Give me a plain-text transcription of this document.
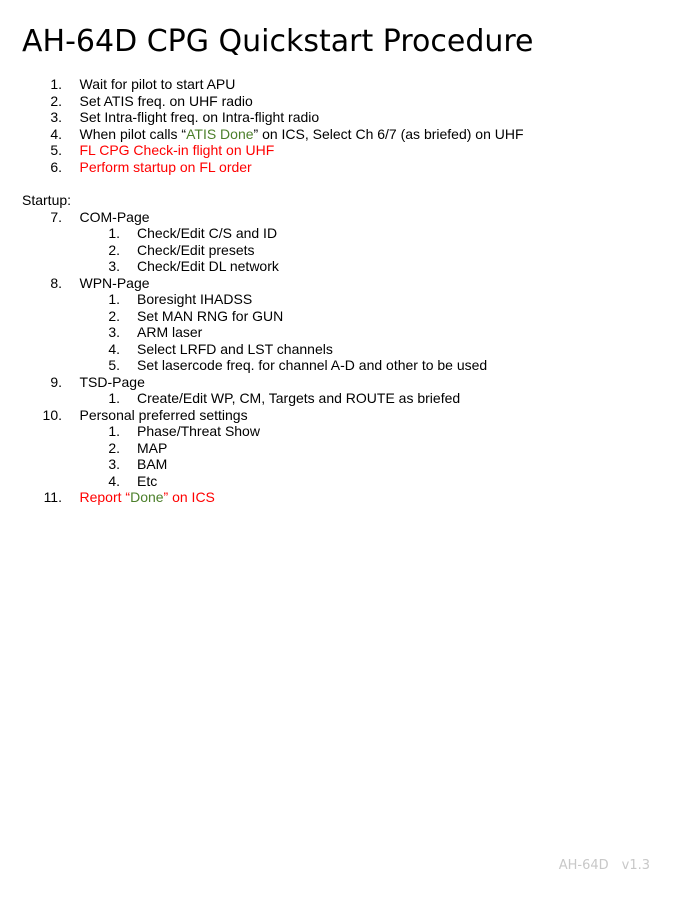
AH-64D CPG Quickstart Procedure
1. Wait for pilot to start APU
2. Set ATIS freq. on UHF radio
3. Set Intra-flight freq. on Intra-flight radio
4. When pilot calls “ATIS Done” on ICS, Select Ch 6/7 (as briefed) on UHF
5. FL CPG Check-in flight on UHF
6. Perform startup on FL order
Startup:
7. COM-Page
1. Check/Edit C/S and ID
2. Check/Edit presets
3. Check/Edit DL network
8. WPN-Page
1. Boresight IHADSS
2. Set MAN RNG for GUN
3. ARM laser
4. Select LRFD and LST channels
5. Set lasercode freq. for channel A-D and other to be used
9. TSD-Page
1. Create/Edit WP, CM, Targets and ROUTE as briefed
10. Personal preferred settings
1. Phase/Threat Show
2. MAP
3. BAM
4. Etc
11. Report “Done” on ICS
AH-64D v1.3
